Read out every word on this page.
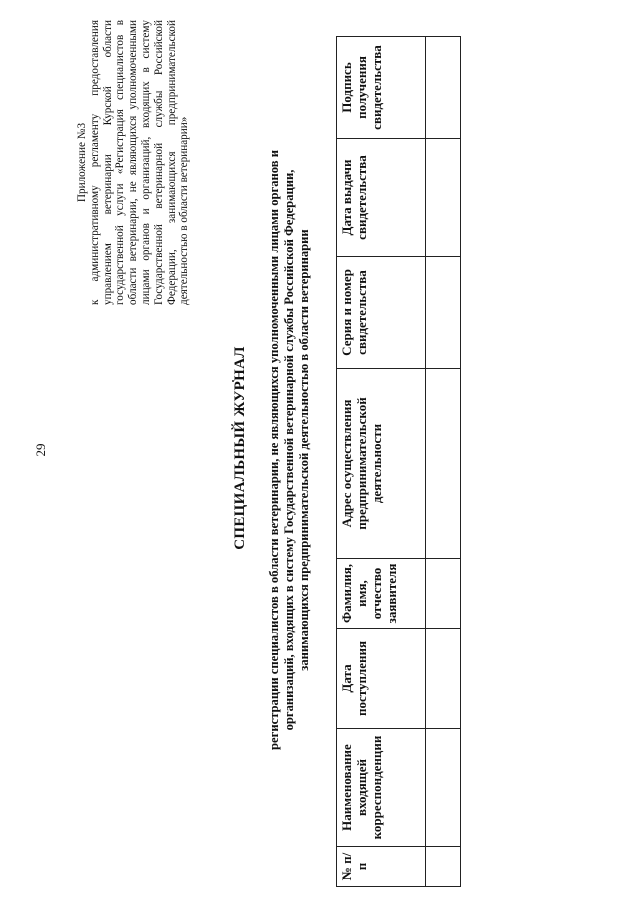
29
Приложение №3 к административному регламенту предоставления управлением ветеринарии Курской области государственной услуги «Регистрация специалистов в области ветеринарии, не являющихся уполномоченными лицами органов и организаций, входящих в систему Государственной ветеринарной службы Российской Федерации, занимающихся предпринимательской деятельностью в области ветеринарии»
СПЕЦИАЛЬНЫЙ ЖУРНАЛ регистрации специалистов в области ветеринарии, не являющихся уполномоченными лицами органов и организаций, входящих в систему Государственной ветеринарной службы Российской Федерации, занимающихся предпринимательской деятельностью в области ветеринарии
№ п/п	Наименование входящей корреспонденции	Дата поступления	Фамилия, имя, отчество заявителя	Адрес осуществления предпринимательской деятельности	Серия и номер свидетельства	Дата выдачи свидетельства	Подпись получения свидетельства
